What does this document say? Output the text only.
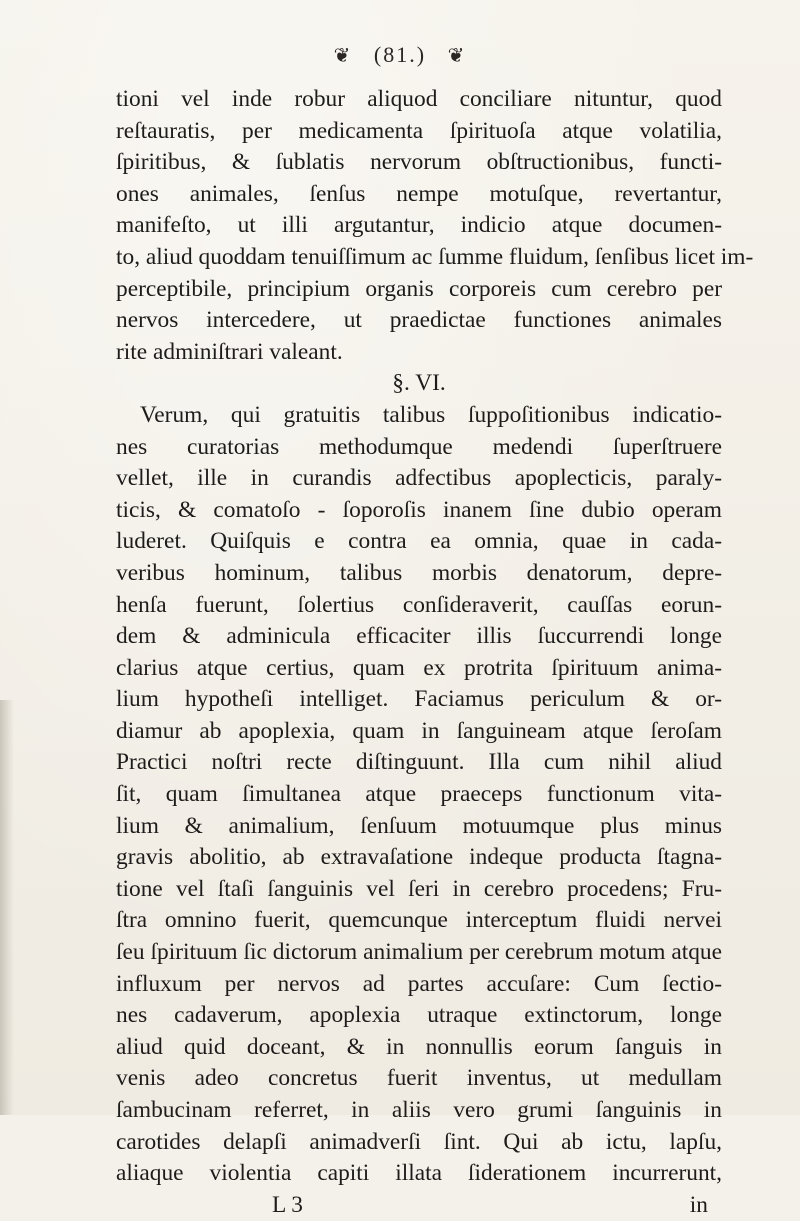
❦ (81.) ❦
tioni vel inde robur aliquod conciliare nituntur, quod
reſtauratis, per medicamenta ſpirituoſa atque volatilia,
ſpiritibus, & ſublatis nervorum obſtructionibus, functi-
ones animales, ſenſus nempe motuſque, revertantur,
manifeſto, ut illi argutantur, indicio atque documen-
to, aliud quoddam tenuiſſimum ac ſumme fluidum, ſenſibus licet im-
perceptibile, principium organis corporeis cum cerebro per
nervos intercedere, ut praedictae functiones animales
rite adminiſtrari valeant.
§. VI.
Verum, qui gratuitis talibus ſuppoſitionibus indicatio-
nes curatorias methodumque medendi ſuperſtruere
vellet, ille in curandis adfectibus apoplecticis, paraly-
ticis, & comatoſo - ſoporoſis inanem ſine dubio operam
luderet. Quiſquis e contra ea omnia, quae in cada-
veribus hominum, talibus morbis denatorum, depre-
henſa fuerunt, ſolertius conſideraverit, cauſſas eorun-
dem & adminicula efficaciter illis ſuccurrendi longe
clarius atque certius, quam ex protrita ſpirituum anima-
lium hypotheſi intelliget. Faciamus periculum & or-
diamur ab apoplexia, quam in ſanguineam atque ſeroſam
Practici noſtri recte diſtinguunt. Illa cum nihil aliud
ſit, quam ſimultanea atque praeceps functionum vita-
lium & animalium, ſenſuum motuumque plus minus
gravis abolitio, ab extravaſatione indeque producta ſtagna-
tione vel ſtaſi ſanguinis vel ſeri in cerebro procedens; Fru-
ſtra omnino fuerit, quemcunque interceptum fluidi nervei
ſeu ſpirituum ſic dictorum animalium per cerebrum motum atque
influxum per nervos ad partes accuſare: Cum ſectio-
nes cadaverum, apoplexia utraque extinctorum, longe
aliud quid doceant, & in nonnullis eorum ſanguis in
venis adeo concretus fuerit inventus, ut medullam
ſambucinam referret, in aliis vero grumi ſanguinis in
carotides delapſi animadverſi ſint. Qui ab ictu, lapſu,
aliaque violentia capiti illata ſiderationem incurrerunt,
L 3	in
